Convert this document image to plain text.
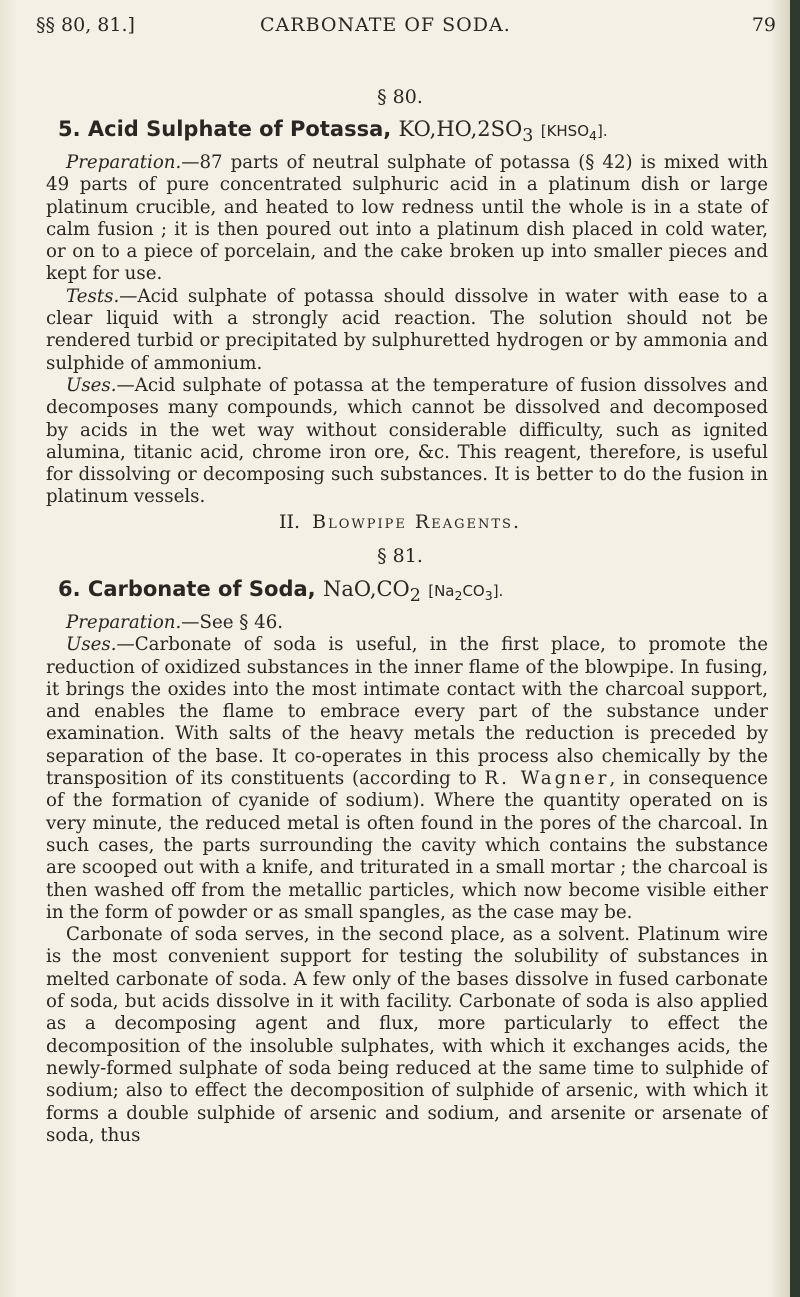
§§ 80, 81.]	CARBONATE OF SODA.	79
§ 80.
5. Acid Sulphate of Potassa, $KO,HO,2SO_3$ $[KHSO_4]$.

Preparation.—87 parts of neutral sulphate of potassa (§ 42) is mixed with 49 parts of pure concentrated sulphuric acid in a platinum dish or large platinum crucible, and heated to low redness until the whole is in a state of calm fusion ; it is then poured out into a platinum dish placed in cold water, or on to a piece of porcelain, and the cake broken up into smaller pieces and kept for use.

Tests.—Acid sulphate of potassa should dissolve in water with ease to a clear liquid with a strongly acid reaction. The solution should not be rendered turbid or precipitated by sulphuretted hydrogen or by ammonia and sulphide of ammonium.

Uses.—Acid sulphate of potassa at the temperature of fusion dissolves and decomposes many compounds, which cannot be dissolved and decomposed by acids in the wet way without considerable difficulty, such as ignited alumina, titanic acid, chrome iron ore, &c. This reagent, therefore, is useful for dissolving or decomposing such substances. It is better to do the fusion in platinum vessels.

II. Blowpipe Reagents.
§ 81.
6. Carbonate of Soda, $NaO,CO_2$ $[Na_2CO_3]$.

Preparation.—See § 46.

Uses.—Carbonate of soda is useful, in the first place, to promote the reduction of oxidized substances in the inner flame of the blowpipe. In fusing, it brings the oxides into the most intimate contact with the charcoal support, and enables the flame to embrace every part of the substance under examination. With salts of the heavy metals the reduction is preceded by separation of the base. It co-operates in this process also chemically by the transposition of its constituents (according to R. Wagner, in consequence of the formation of cyanide of sodium). Where the quantity operated on is very minute, the reduced metal is often found in the pores of the charcoal. In such cases, the parts surrounding the cavity which contains the substance are scooped out with a knife, and triturated in a small mortar ; the charcoal is then washed off from the metallic particles, which now become visible either in the form of powder or as small spangles, as the case may be.

Carbonate of soda serves, in the second place, as a solvent. Platinum wire is the most convenient support for testing the solubility of substances in melted carbonate of soda. A few only of the bases dissolve in fused carbonate of soda, but acids dissolve in it with facility. Carbonate of soda is also applied as a decomposing agent and flux, more particularly to effect the decomposition of the insoluble sulphates, with which it exchanges acids, the newly-formed sulphate of soda being reduced at the same time to sulphide of sodium; also to effect the decomposition of sulphide of arsenic, with which it forms a double sulphide of arsenic and sodium, and arsenite or arsenate of soda, thus
